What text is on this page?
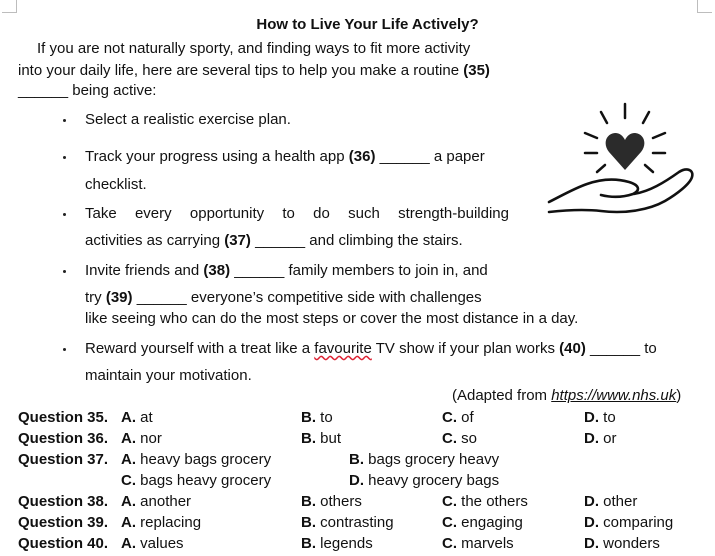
How to Live Your Life Actively?
If you are not naturally sporty, and finding ways to fit more activity
into your daily life, here are several tips to help you make a routine (35)
______ being active:
Select a realistic exercise plan.
Track your progress using a health app (36) ______ a paper
checklist.
Take every opportunity to do such strength-building
activities as carrying (37) ______ and climbing the stairs.
Invite friends and (38) ______ family members to join in, and
try (39) ______ everyone’s competitive side with challenges
like seeing who can do the most steps or cover the most distance in a day.
Reward yourself with a treat like a favourite TV show if your plan works (40) ______ to
maintain your motivation.
(Adapted from https://www.nhs.uk)
Question 35. A. at	B. to	C. of	D. to
Question 36. A. nor	B. but	C. so	D. or
Question 37. A. heavy bags grocery	B. bags grocery heavy
C. bags heavy grocery	D. heavy grocery bags
Question 38. A. another	B. others	C. the others	D. other
Question 39. A. replacing	B. contrasting	C. engaging	D. comparing
Question 40. A. values	B. legends	C. marvels	D. wonders
